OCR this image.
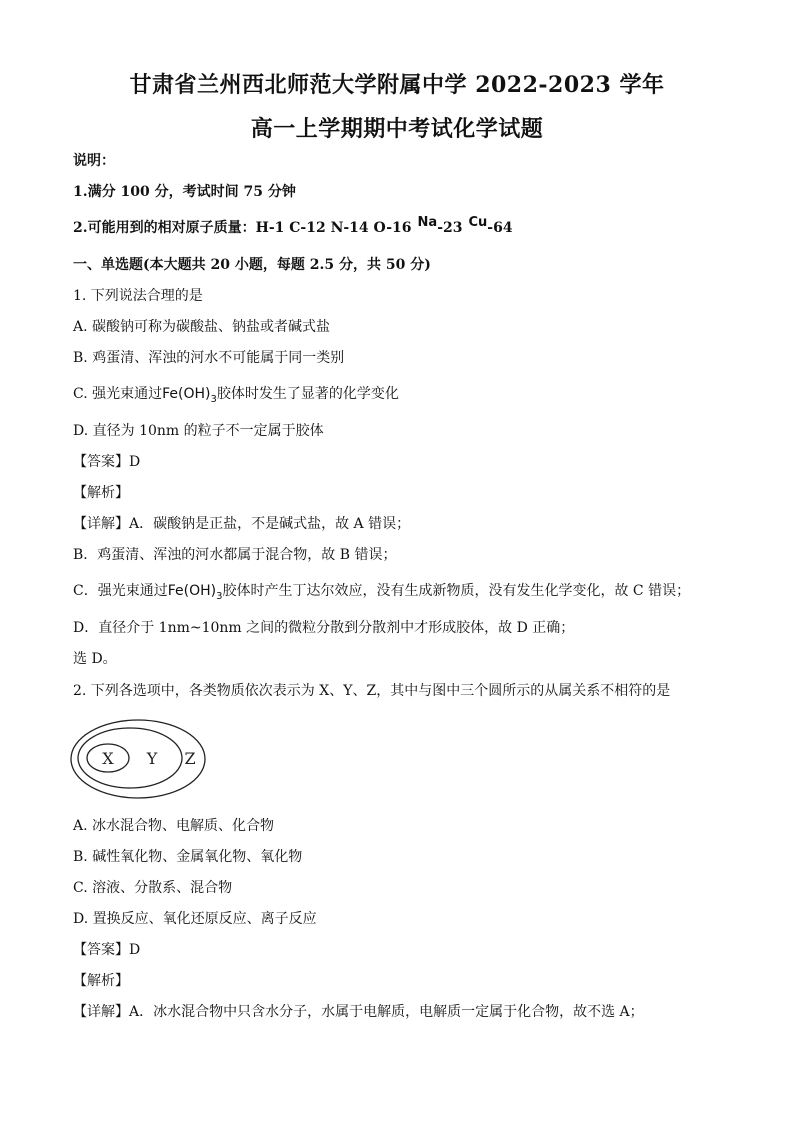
甘肃省兰州西北师范大学附属中学 2022-2023 学年
高一上学期期中考试化学试题
说明：
1.满分 100 分，考试时间 75 分钟
2.可能用到的相对原子质量：H-1 C-12 N-14 O-16 Na-23 Cu-64
一、单选题(本大题共 20 小题，每题 2.5 分，共 50 分)
1. 下列说法合理的是
A. 碳酸钠可称为碳酸盐、钠盐或者碱式盐
B. 鸡蛋清、浑浊的河水不可能属于同一类别
C. 强光束通过$Fe(OH)_3$胶体时发生了显著的化学变化
D. 直径为 10nm 的粒子不一定属于胶体
【答案】D
【解析】
【详解】A．碳酸钠是正盐，不是碱式盐，故 A 错误；
B．鸡蛋清、浑浊的河水都属于混合物，故 B 错误；
C．强光束通过$Fe(OH)_3$胶体时产生丁达尔效应，没有生成新物质，没有发生化学变化，故 C 错误；
D．直径介于 1nm~10nm 之间的微粒分散到分散剂中才形成胶体，故 D 正确；
选 D。
2. 下列各选项中，各类物质依次表示为 X、Y、Z，其中与图中三个圆所示的从属关系不相符的是
X Y Z
A. 冰水混合物、电解质、化合物
B. 碱性氧化物、金属氧化物、氧化物
C. 溶液、分散系、混合物
D. 置换反应、氧化还原反应、离子反应
【答案】D
【解析】
【详解】A．冰水混合物中只含水分子，水属于电解质，电解质一定属于化合物，故不选 A；
